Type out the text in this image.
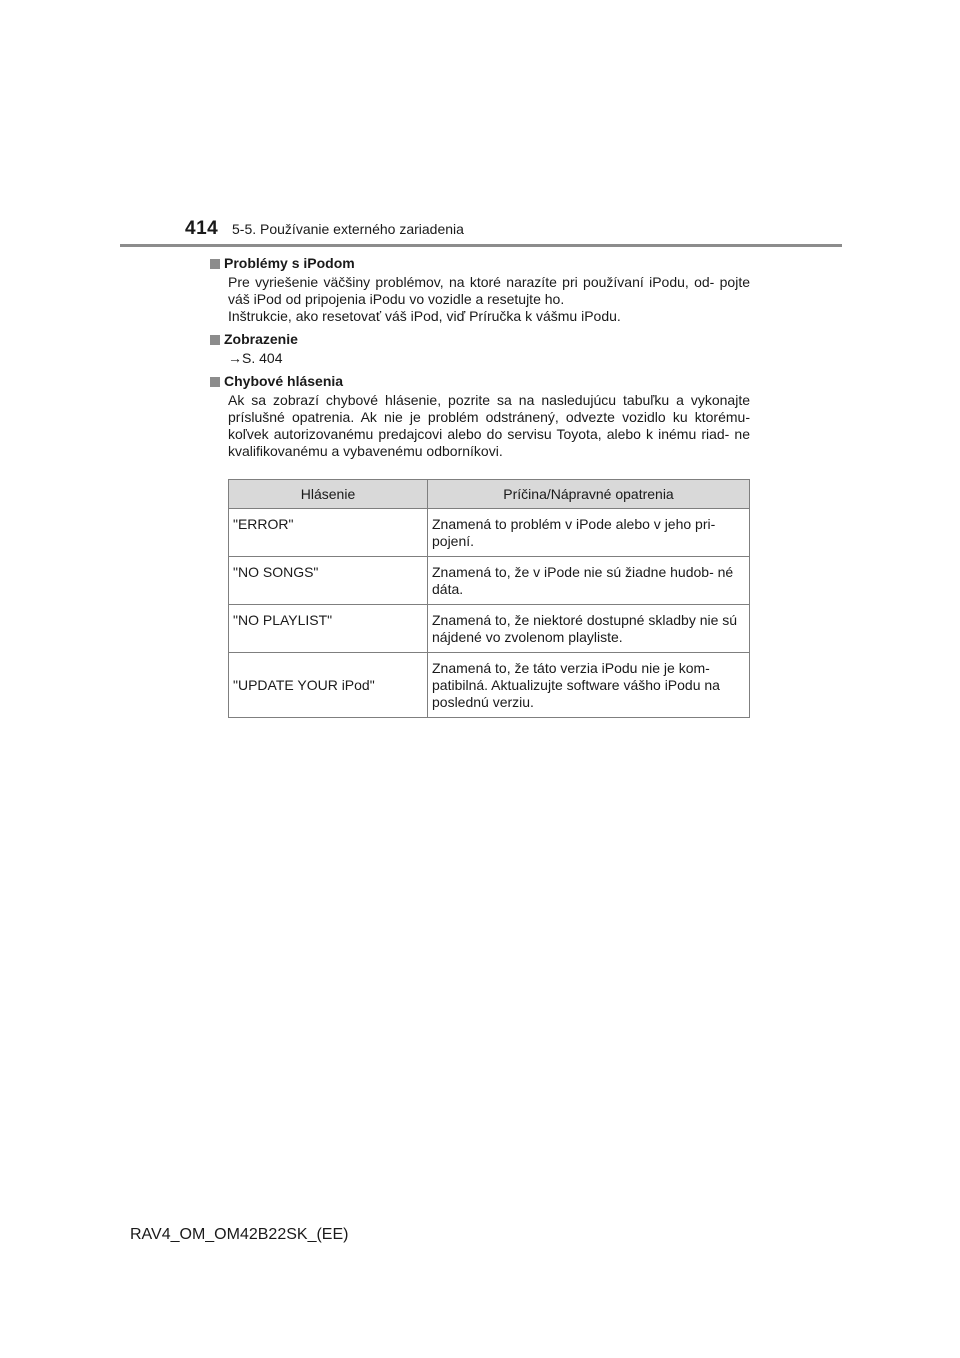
414 5-5. Používanie externého zariadenia
Problémy s iPodom

Pre vyriešenie väčšiny problémov, na ktoré narazíte pri používaní iPodu, od- pojte váš iPod od pripojenia iPodu vo vozidle a resetujte ho.

Inštrukcie, ako resetovať váš iPod, viď Príručka k vášmu iPodu.

Zobrazenie
→S. 404
Chybové hlásenia

Ak sa zobrazí chybové hlásenie, pozrite sa na nasledujúcu tabuľku a vykonajte príslušné opatrenia. Ak nie je problém odstránený, odvezte vozidlo ku ktorému- koľvek autorizovanému predajcovi alebo do servisu Toyota, alebo k inému riad- ne kvalifikovanému a vybavenému odborníkovi.

Hlásenie	Príčina/Nápravné opatrenia
"ERROR"	Znamená to problém v iPode alebo v jeho pri- pojení.
"NO SONGS"	Znamená to, že v iPode nie sú žiadne hudob- né dáta.
"NO PLAYLIST"	Znamená to, že niektoré dostupné skladby nie sú nájdené vo zvolenom playliste.
"UPDATE YOUR iPod"	Znamená to, že táto verzia iPodu nie je kom- patibilná. Aktualizujte software vášho iPodu na poslednú verziu.
RAV4_OM_OM42B22SK_(EE)
